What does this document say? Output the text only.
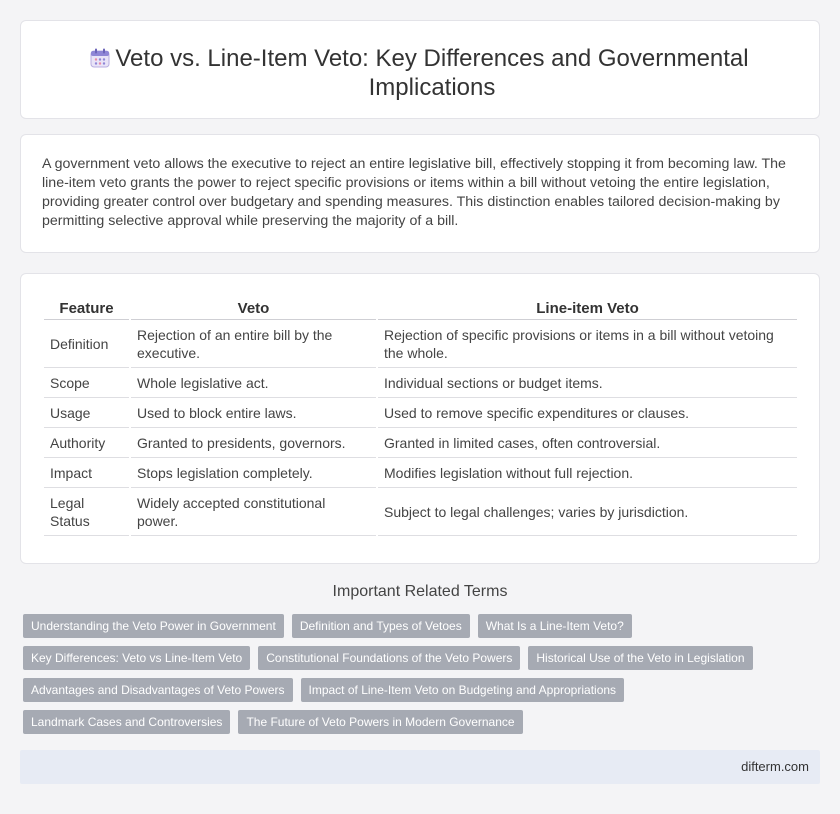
Veto vs. Line-Item Veto: Key Differences and Governmental Implications

A government veto allows the executive to reject an entire legislative bill, effectively stopping it from becoming law. The line-item veto grants the power to reject specific provisions or items within a bill without vetoing the entire legislation, providing greater control over budgetary and spending measures. This distinction enables tailored decision-making by permitting selective approval while preserving the majority of a bill.

Feature	Veto	Line-item Veto
Definition	Rejection of an entire bill by the executive.	Rejection of specific provisions or items in a bill without vetoing the whole.
Scope	Whole legislative act.	Individual sections or budget items.
Usage	Used to block entire laws.	Used to remove specific expenditures or clauses.
Authority	Granted to presidents, governors.	Granted in limited cases, often controversial.
Impact	Stops legislation completely.	Modifies legislation without full rejection.
Legal Status	Widely accepted constitutional power.	Subject to legal challenges; varies by jurisdiction.
Important Related Terms
Understanding the Veto Power in Government	Definition and Types of Vetoes	What Is a Line-Item Veto?
Key Differences: Veto vs Line-Item Veto	Constitutional Foundations of the Veto Powers	Historical Use of the Veto in Legislation
Advantages and Disadvantages of Veto Powers	Impact of Line-Item Veto on Budgeting and Appropriations
Landmark Cases and Controversies	The Future of Veto Powers in Modern Governance
difterm.com
